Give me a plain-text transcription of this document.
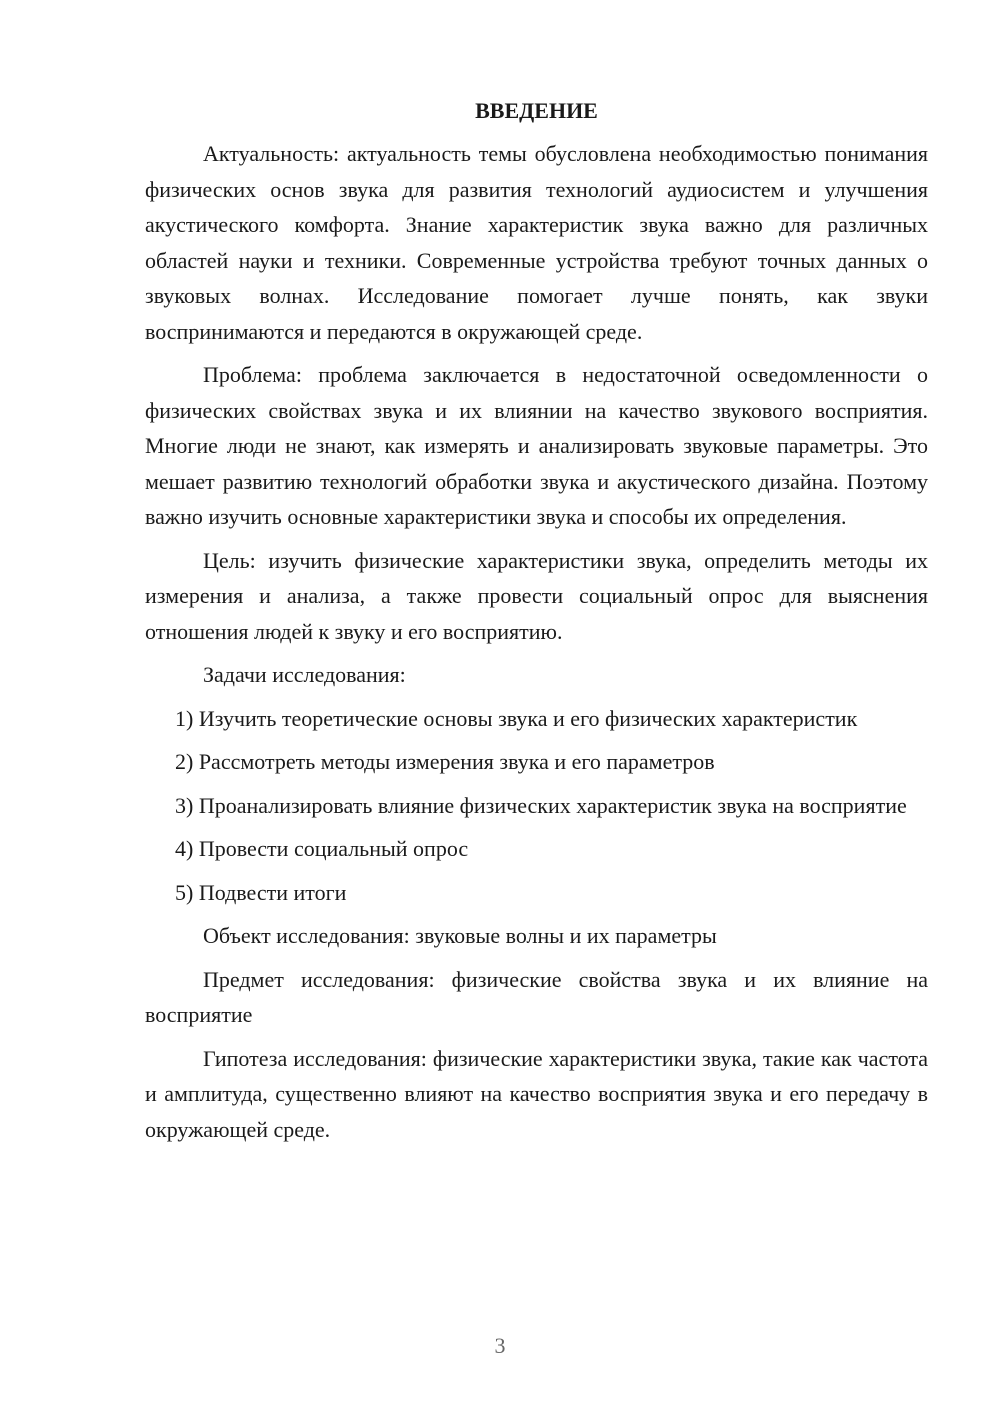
ВВЕДЕНИЕ

Актуальность: актуальность темы обусловлена необходимостью понимания физических основ звука для развития технологий аудиосистем и улучшения акустического комфорта. Знание характеристик звука важно для различных областей науки и техники. Современные устройства требуют точных данных о звуковых волнах. Исследование помогает лучше понять, как звуки воспринимаются и передаются в окружающей среде.

Проблема: проблема заключается в недостаточной осведомленности о физических свойствах звука и их влиянии на качество звукового восприятия. Многие люди не знают, как измерять и анализировать звуковые параметры. Это мешает развитию технологий обработки звука и акустического дизайна. Поэтому важно изучить основные характеристики звука и способы их определения.

Цель: изучить физические характеристики звука, определить методы их измерения и анализа, а также провести социальный опрос для выяснения отношения людей к звуку и его восприятию.

Задачи исследования:

1) Изучить теоретические основы звука и его физических характеристик

2) Рассмотреть методы измерения звука и его параметров

3) Проанализировать влияние физических характеристик звука на восприятие

4) Провести социальный опрос

5) Подвести итоги

Объект исследования: звуковые волны и их параметры

Предмет исследования: физические свойства звука и их влияние на восприятие

Гипотеза исследования: физические характеристики звука, такие как частота и амплитуда, существенно влияют на качество восприятия звука и его передачу в окружающей среде.

3
